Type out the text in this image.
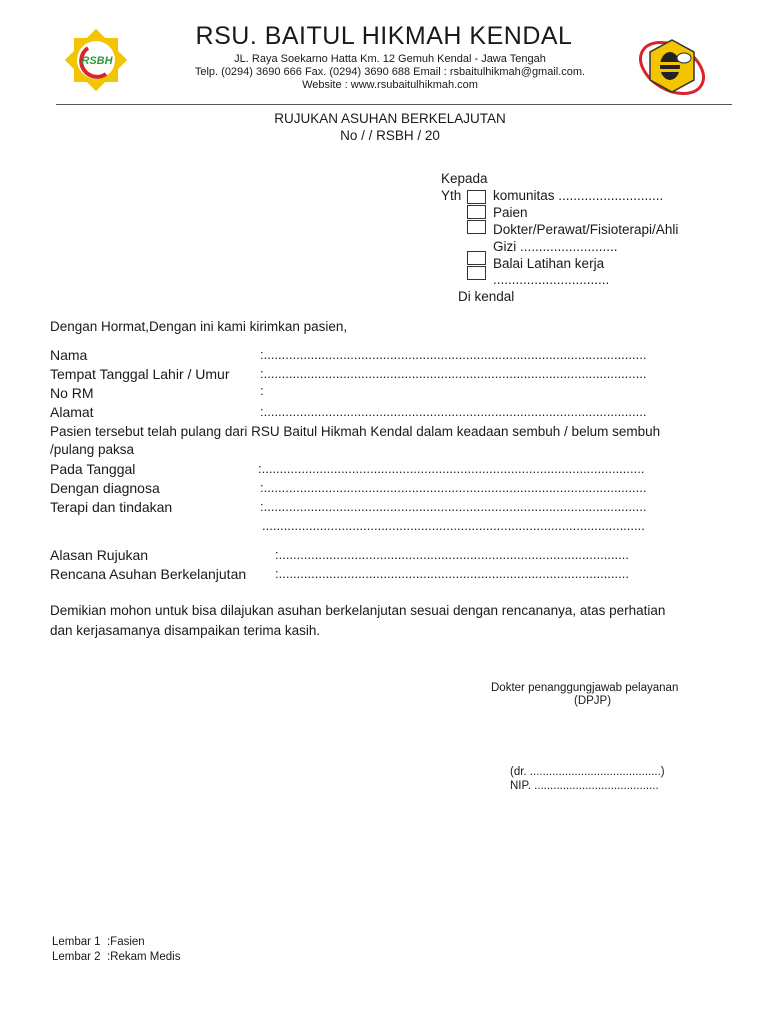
RSBH
RSU. BAITUL HIKMAH KENDAL
JL. Raya Soekarno Hatta Km. 12 Gemuh Kendal - Jawa Tengah
Telp. (0294) 3690 666 Fax. (0294) 3690 688 Email : rsbaitulhikmah@gmail.com.
Website : www.rsubaitulhikmah.com
RUJUKAN ASUHAN BERKELAJUTAN
No / / RSBH / 20
Kepada
Yth komunitas ............................
Paien
Dokter/Perawat/Fisioterapi/Ahli
Gizi ..........................
Balai Latihan kerja
...............................
Di kendal
Dengan Hormat,Dengan ini kami kirimkan pasien,
Nama	:..........................................................................................................
Tempat Tanggal Lahir / Umur :..........................................................................................................
No RM	:
Alamat	:..........................................................................................................
Pasien tersebut telah pulang dari RSU Baitul Hikmah Kendal dalam keadaan sembuh / belum sembuh
/pulang paksa
Pada Tanggal	:..........................................................................................................
Dengan diagnosa	:..........................................................................................................
Terapi dan tindakan	:..........................................................................................................
..........................................................................................................
Alasan Rujukan	:.................................................................................................
Rencana Asuhan Berkelanjutan :.................................................................................................
Demikian mohon untuk bisa dilajukan asuhan berkelanjutan sesuai dengan rencananya, atas perhatian
dan kerjasamanya disampaikan terima kasih.
Dokter penanggungjawab pelayanan
(DPJP)
(dr. .........................................)
NIP. .......................................
Lembar 1  :Fasien
Lembar 2  :Rekam Medis
